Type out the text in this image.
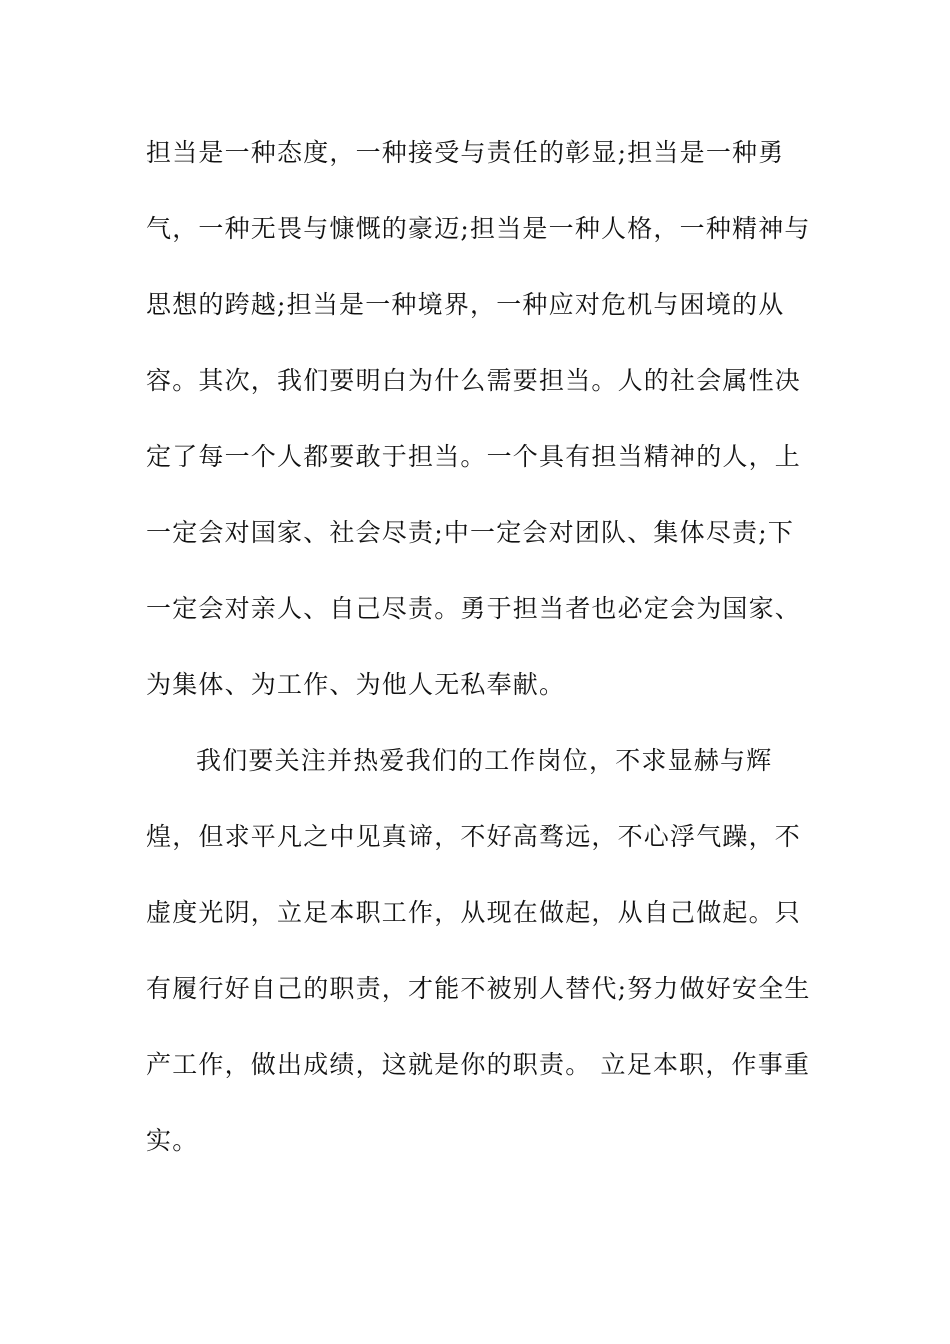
担当是一种态度，一种接受与责任的彰显;担当是一种勇
气，一种无畏与慷慨的豪迈;担当是一种人格，一种精神与
思想的跨越;担当是一种境界，一种应对危机与困境的从
容。其次，我们要明白为什么需要担当。人的社会属性决
定了每一个人都要敢于担当。一个具有担当精神的人，上
一定会对国家、社会尽责;中一定会对团队、集体尽责;下
一定会对亲人、自己尽责。勇于担当者也必定会为国家、
为集体、为工作、为他人无私奉献。
我们要关注并热爱我们的工作岗位，不求显赫与辉
煌，但求平凡之中见真谛，不好高骛远，不心浮气躁，不
虚度光阴，立足本职工作，从现在做起，从自己做起。只
有履行好自己的职责，才能不被别人替代;努力做好安全生
产工作，做出成绩，这就是你的职责。 立足本职，作事重
实。
